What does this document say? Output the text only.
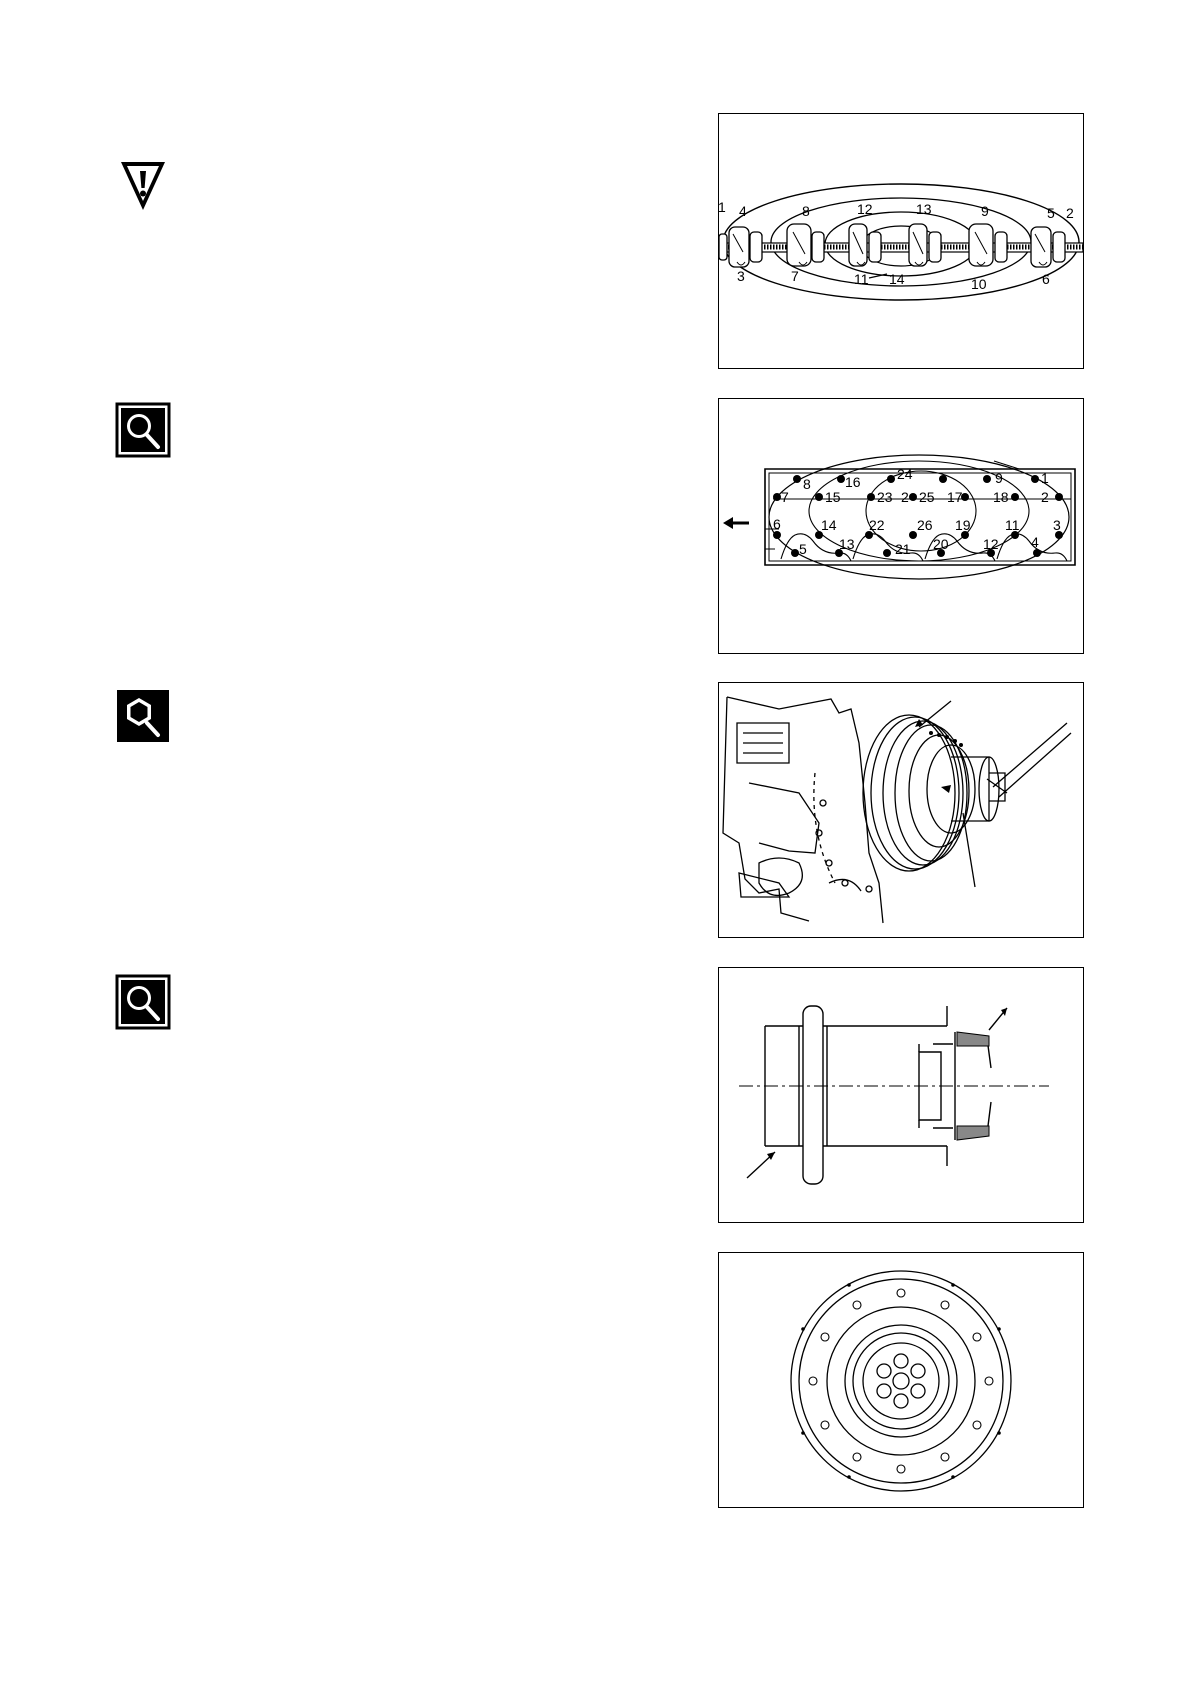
1 4	8	12	13	9	5 2
3	7	11 14	10	6
24
16	9	1
8
23 2 25 17 18 2
7	15
6	14 22 26 19 11 3
5 13	21 20 12 4
